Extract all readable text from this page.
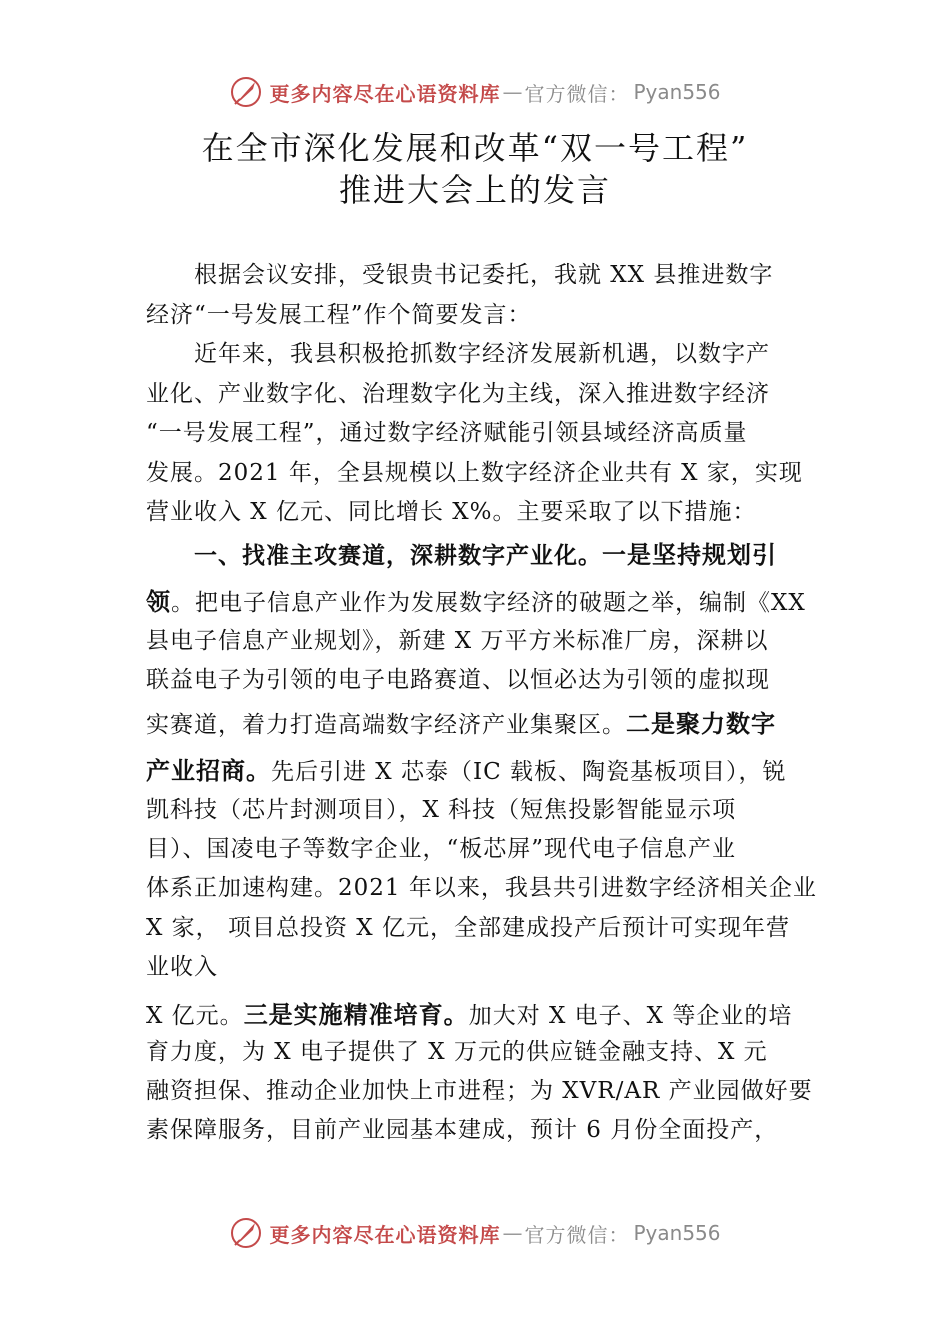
更多内容尽在心语资料库 — 官方微信： Pyan556
在全市深化发展和改革“双一号工程”
推进大会上的发言
根据会议安排，受银贵书记委托，我就 XX 县推进数字
经济“一号发展工程”作个简要发言：
近年来，我县积极抢抓数字经济发展新机遇，以数字产
业化、产业数字化、治理数字化为主线，深入推进数字经济
“一号发展工程”，通过数字经济赋能引领县域经济高质量
发展。2021 年，全县规模以上数字经济企业共有 X 家，实现
营业收入 X 亿元、同比增长 X%。主要采取了以下措施：
一、找准主攻赛道，深耕数字产业化。一是坚持规划引
领。把电子信息产业作为发展数字经济的破题之举，编制《XX
县电子信息产业规划》，新建 X 万平方米标准厂房，深耕以
联益电子为引领的电子电路赛道、以恒必达为引领的虚拟现
实赛道，着力打造高端数字经济产业集聚区。二是聚力数字
产业招商。先后引进 X 芯泰（IC 载板、陶瓷基板项目），锐
凯科技（芯片封测项目），X 科技（短焦投影智能显示项
目）、国凌电子等数字企业，“板芯屏”现代电子信息产业
体系正加速构建。2021 年以来，我县共引进数字经济相关企业
X 家， 项目总投资 X 亿元，全部建成投产后预计可实现年营
业收入
X 亿元。三是实施精准培育。加大对 X 电子、X 等企业的培
育力度，为 X 电子提供了 X 万元的供应链金融支持、X 元
融资担保、推动企业加快上市进程；为 XVR/AR 产业园做好要
素保障服务，目前产业园基本建成，预计 6 月份全面投产，
更多内容尽在心语资料库 — 官方微信： Pyan556
